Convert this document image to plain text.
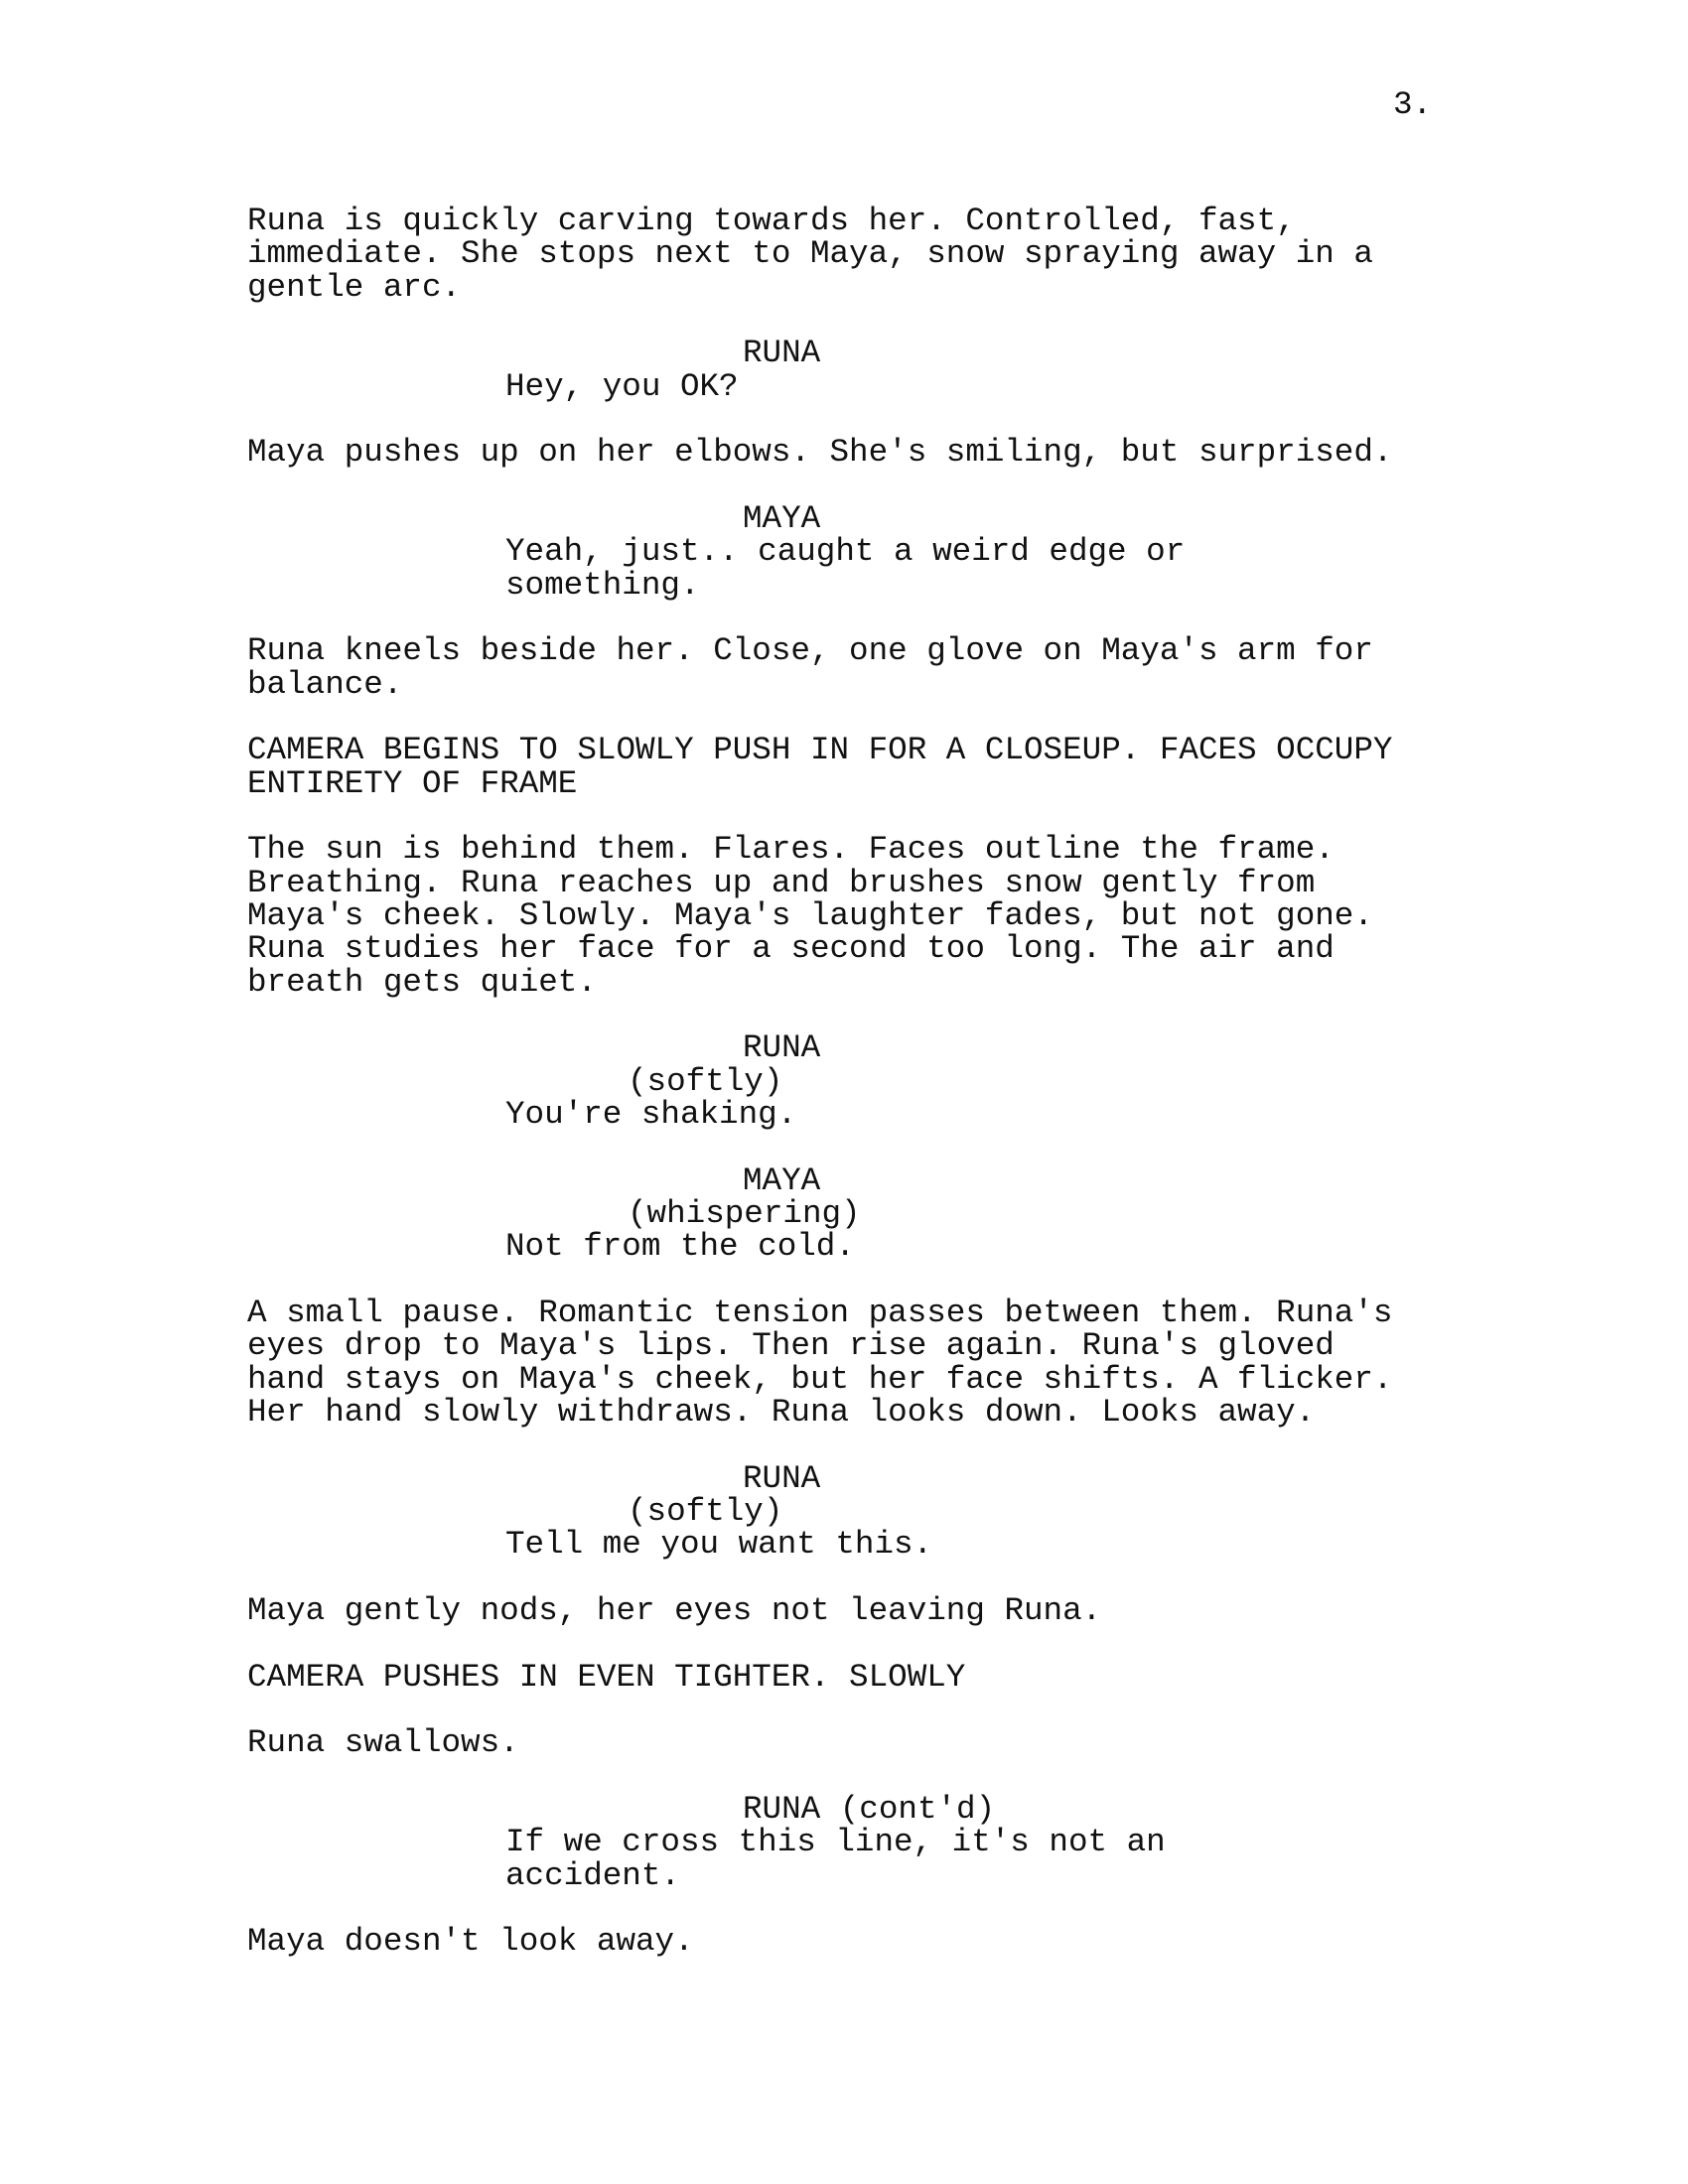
3.
Runa is quickly carving towards her. Controlled, fast,
immediate. She stops next to Maya, snow spraying away in a
gentle arc.
RUNA
Hey, you OK?
Maya pushes up on her elbows. She's smiling, but surprised.
MAYA
Yeah, just.. caught a weird edge or
something.
Runa kneels beside her. Close, one glove on Maya's arm for
balance.
CAMERA BEGINS TO SLOWLY PUSH IN FOR A CLOSEUP. FACES OCCUPY
ENTIRETY OF FRAME
The sun is behind them. Flares. Faces outline the frame.
Breathing. Runa reaches up and brushes snow gently from
Maya's cheek. Slowly. Maya's laughter fades, but not gone.
Runa studies her face for a second too long. The air and
breath gets quiet.
RUNA
(softly)
You're shaking.
MAYA
(whispering)
Not from the cold.
A small pause. Romantic tension passes between them. Runa's
eyes drop to Maya's lips. Then rise again. Runa's gloved
hand stays on Maya's cheek, but her face shifts. A flicker.
Her hand slowly withdraws. Runa looks down. Looks away.
RUNA
(softly)
Tell me you want this.
Maya gently nods, her eyes not leaving Runa.
CAMERA PUSHES IN EVEN TIGHTER. SLOWLY
Runa swallows.
RUNA (cont'd)
If we cross this line, it's not an
accident.
Maya doesn't look away.
